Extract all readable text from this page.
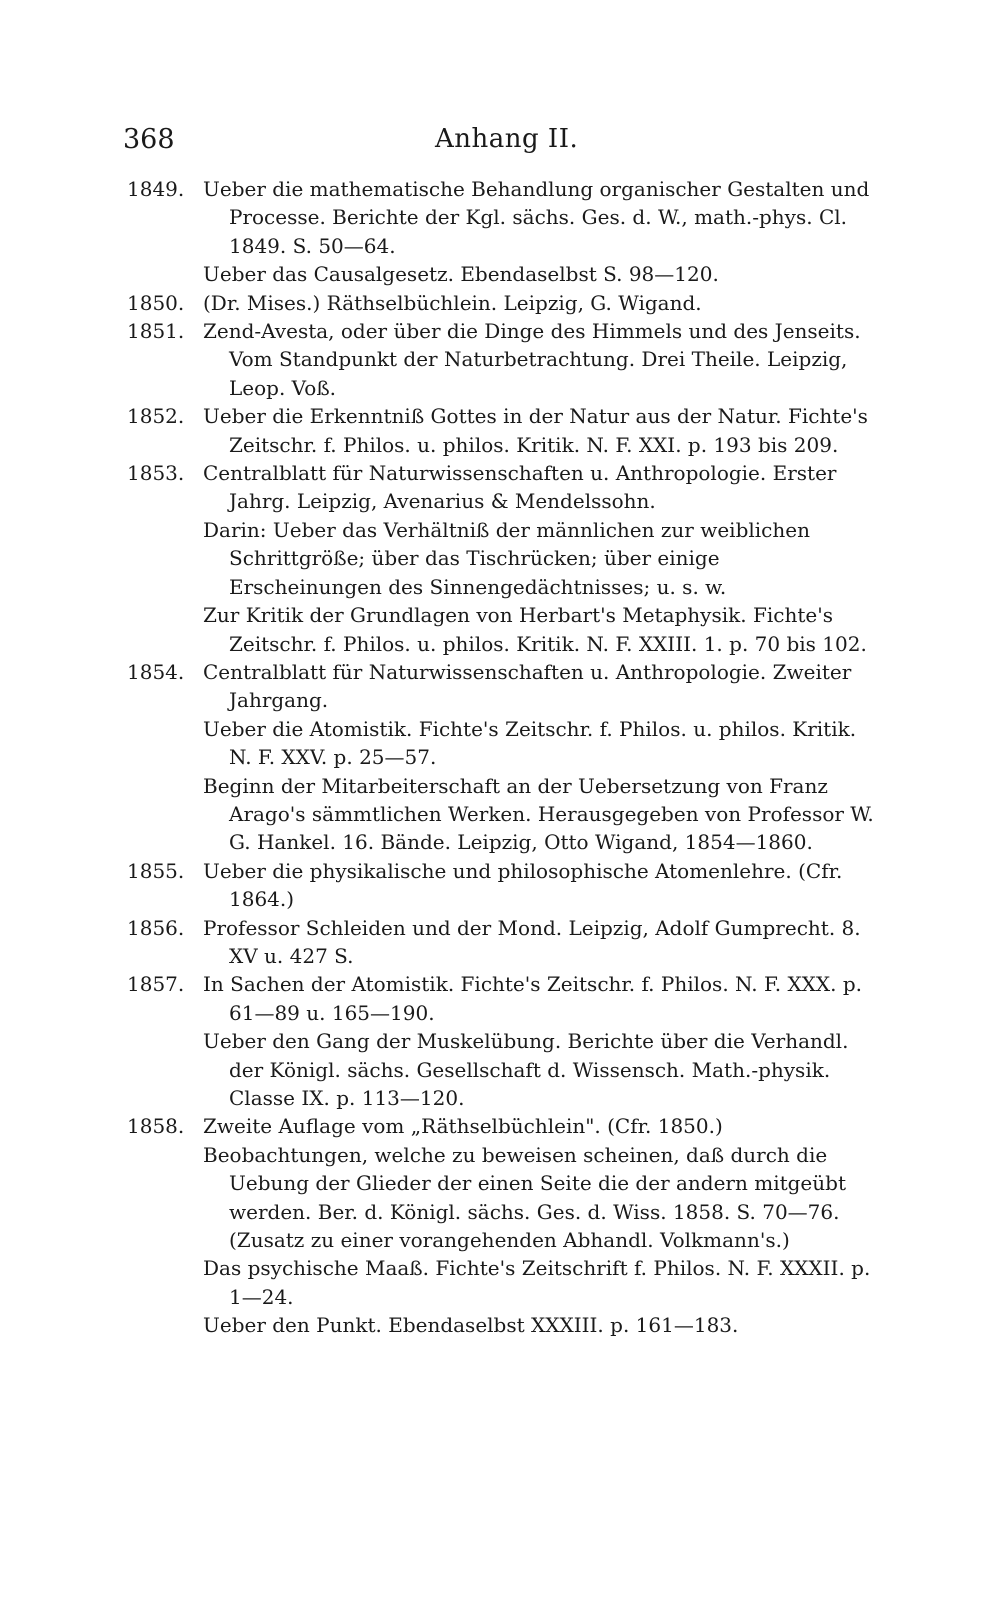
368	Anhang II.
1849. Ueber die mathematische Behandlung organischer Gestalten und Processe. Berichte der Kgl. sächs. Ges. d. W., math.-phys. Cl. 1849. S. 50—64.

Ueber das Causalgesetz. Ebendaselbst S. 98—120.

1850. (Dr. Mises.) Räthselbüchlein. Leipzig, G. Wigand.

1851. Zend-Avesta, oder über die Dinge des Himmels und des Jenseits. Vom Standpunkt der Naturbetrachtung. Drei Theile. Leipzig, Leop. Voß.

1852. Ueber die Erkenntniß Gottes in der Natur aus der Natur. Fichte's Zeitschr. f. Philos. u. philos. Kritik. N. F. XXI. p. 193 bis 209.

1853. Centralblatt für Naturwissenschaften u. Anthropologie. Erster Jahrg. Leipzig, Avenarius & Mendelssohn.

Darin: Ueber das Verhältniß der männlichen zur weiblichen Schrittgröße; über das Tischrücken; über einige Erscheinungen des Sinnengedächtnisses; u. s. w.

Zur Kritik der Grundlagen von Herbart's Metaphysik. Fichte's Zeitschr. f. Philos. u. philos. Kritik. N. F. XXIII. 1. p. 70 bis 102.

1854. Centralblatt für Naturwissenschaften u. Anthropologie. Zweiter Jahrgang.

Ueber die Atomistik. Fichte's Zeitschr. f. Philos. u. philos. Kritik. N. F. XXV. p. 25—57.

Beginn der Mitarbeiterschaft an der Uebersetzung von Franz Arago's sämmtlichen Werken. Herausgegeben von Professor W. G. Hankel. 16. Bände. Leipzig, Otto Wigand, 1854—1860.

1855. Ueber die physikalische und philosophische Atomenlehre. (Cfr. 1864.)

1856. Professor Schleiden und der Mond. Leipzig, Adolf Gumprecht. 8. XV u. 427 S.

1857. In Sachen der Atomistik. Fichte's Zeitschr. f. Philos. N. F. XXX. p. 61—89 u. 165—190.

Ueber den Gang der Muskelübung. Berichte über die Verhandl. der Königl. sächs. Gesellschaft d. Wissensch. Math.-physik. Classe IX. p. 113—120.

1858. Zweite Auflage vom „Räthselbüchlein". (Cfr. 1850.)

Beobachtungen, welche zu beweisen scheinen, daß durch die Uebung der Glieder der einen Seite die der andern mitgeübt werden. Ber. d. Königl. sächs. Ges. d. Wiss. 1858. S. 70—76. (Zusatz zu einer vorangehenden Abhandl. Volkmann's.)

Das psychische Maaß. Fichte's Zeitschrift f. Philos. N. F. XXXII. p. 1—24.

Ueber den Punkt. Ebendaselbst XXXIII. p. 161—183.
